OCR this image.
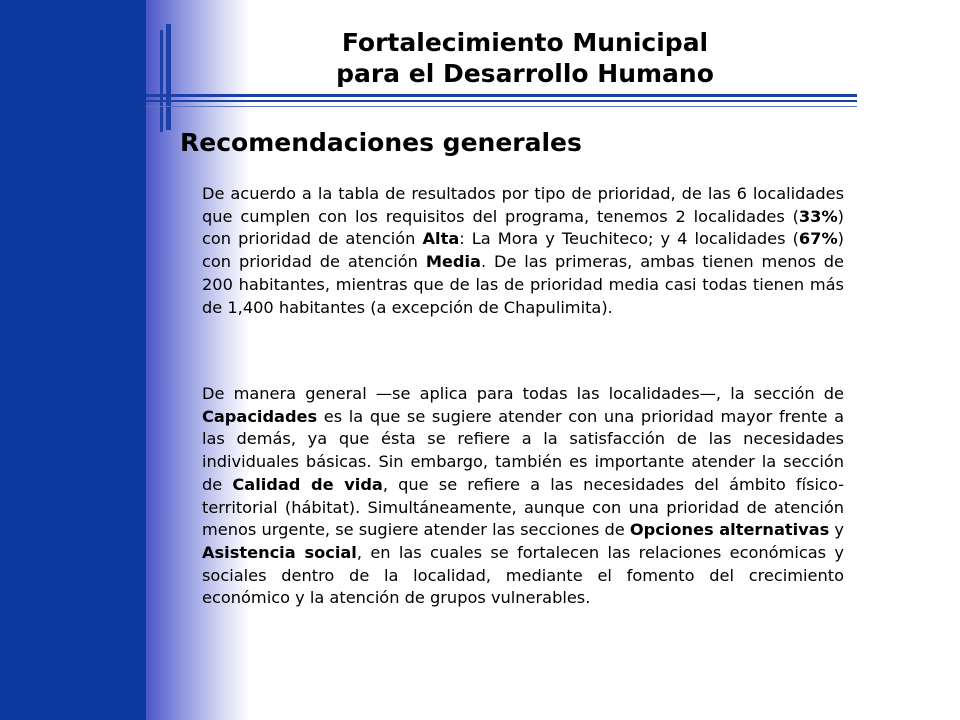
Fortalecimiento Municipal
para el Desarrollo Humano
Recomendaciones generales
De acuerdo a la tabla de resultados por tipo de prioridad, de las 6 localidades que cumplen con los requisitos del programa, tenemos 2 localidades (33%) con prioridad de atención Alta: La Mora y Teuchiteco; y 4 localidades (67%) con prioridad de atención Media. De las primeras, ambas tienen menos de 200 habitantes, mientras que de las de prioridad media casi todas tienen más de 1,400 habitantes (a excepción de Chapulimita).
De manera general —se aplica para todas las localidades—, la sección de Capacidades es la que se sugiere atender con una prioridad mayor frente a las demás, ya que ésta se refiere a la satisfacción de las necesidades individuales básicas. Sin embargo, también es importante atender la sección de Calidad de vida, que se refiere a las necesidades del ámbito físico-territorial (hábitat). Simultáneamente, aunque con una prioridad de atención menos urgente, se sugiere atender las secciones de Opciones alternativas y Asistencia social, en las cuales se fortalecen las relaciones económicas y sociales dentro de la localidad, mediante el fomento del crecimiento económico y la atención de grupos vulnerables.
